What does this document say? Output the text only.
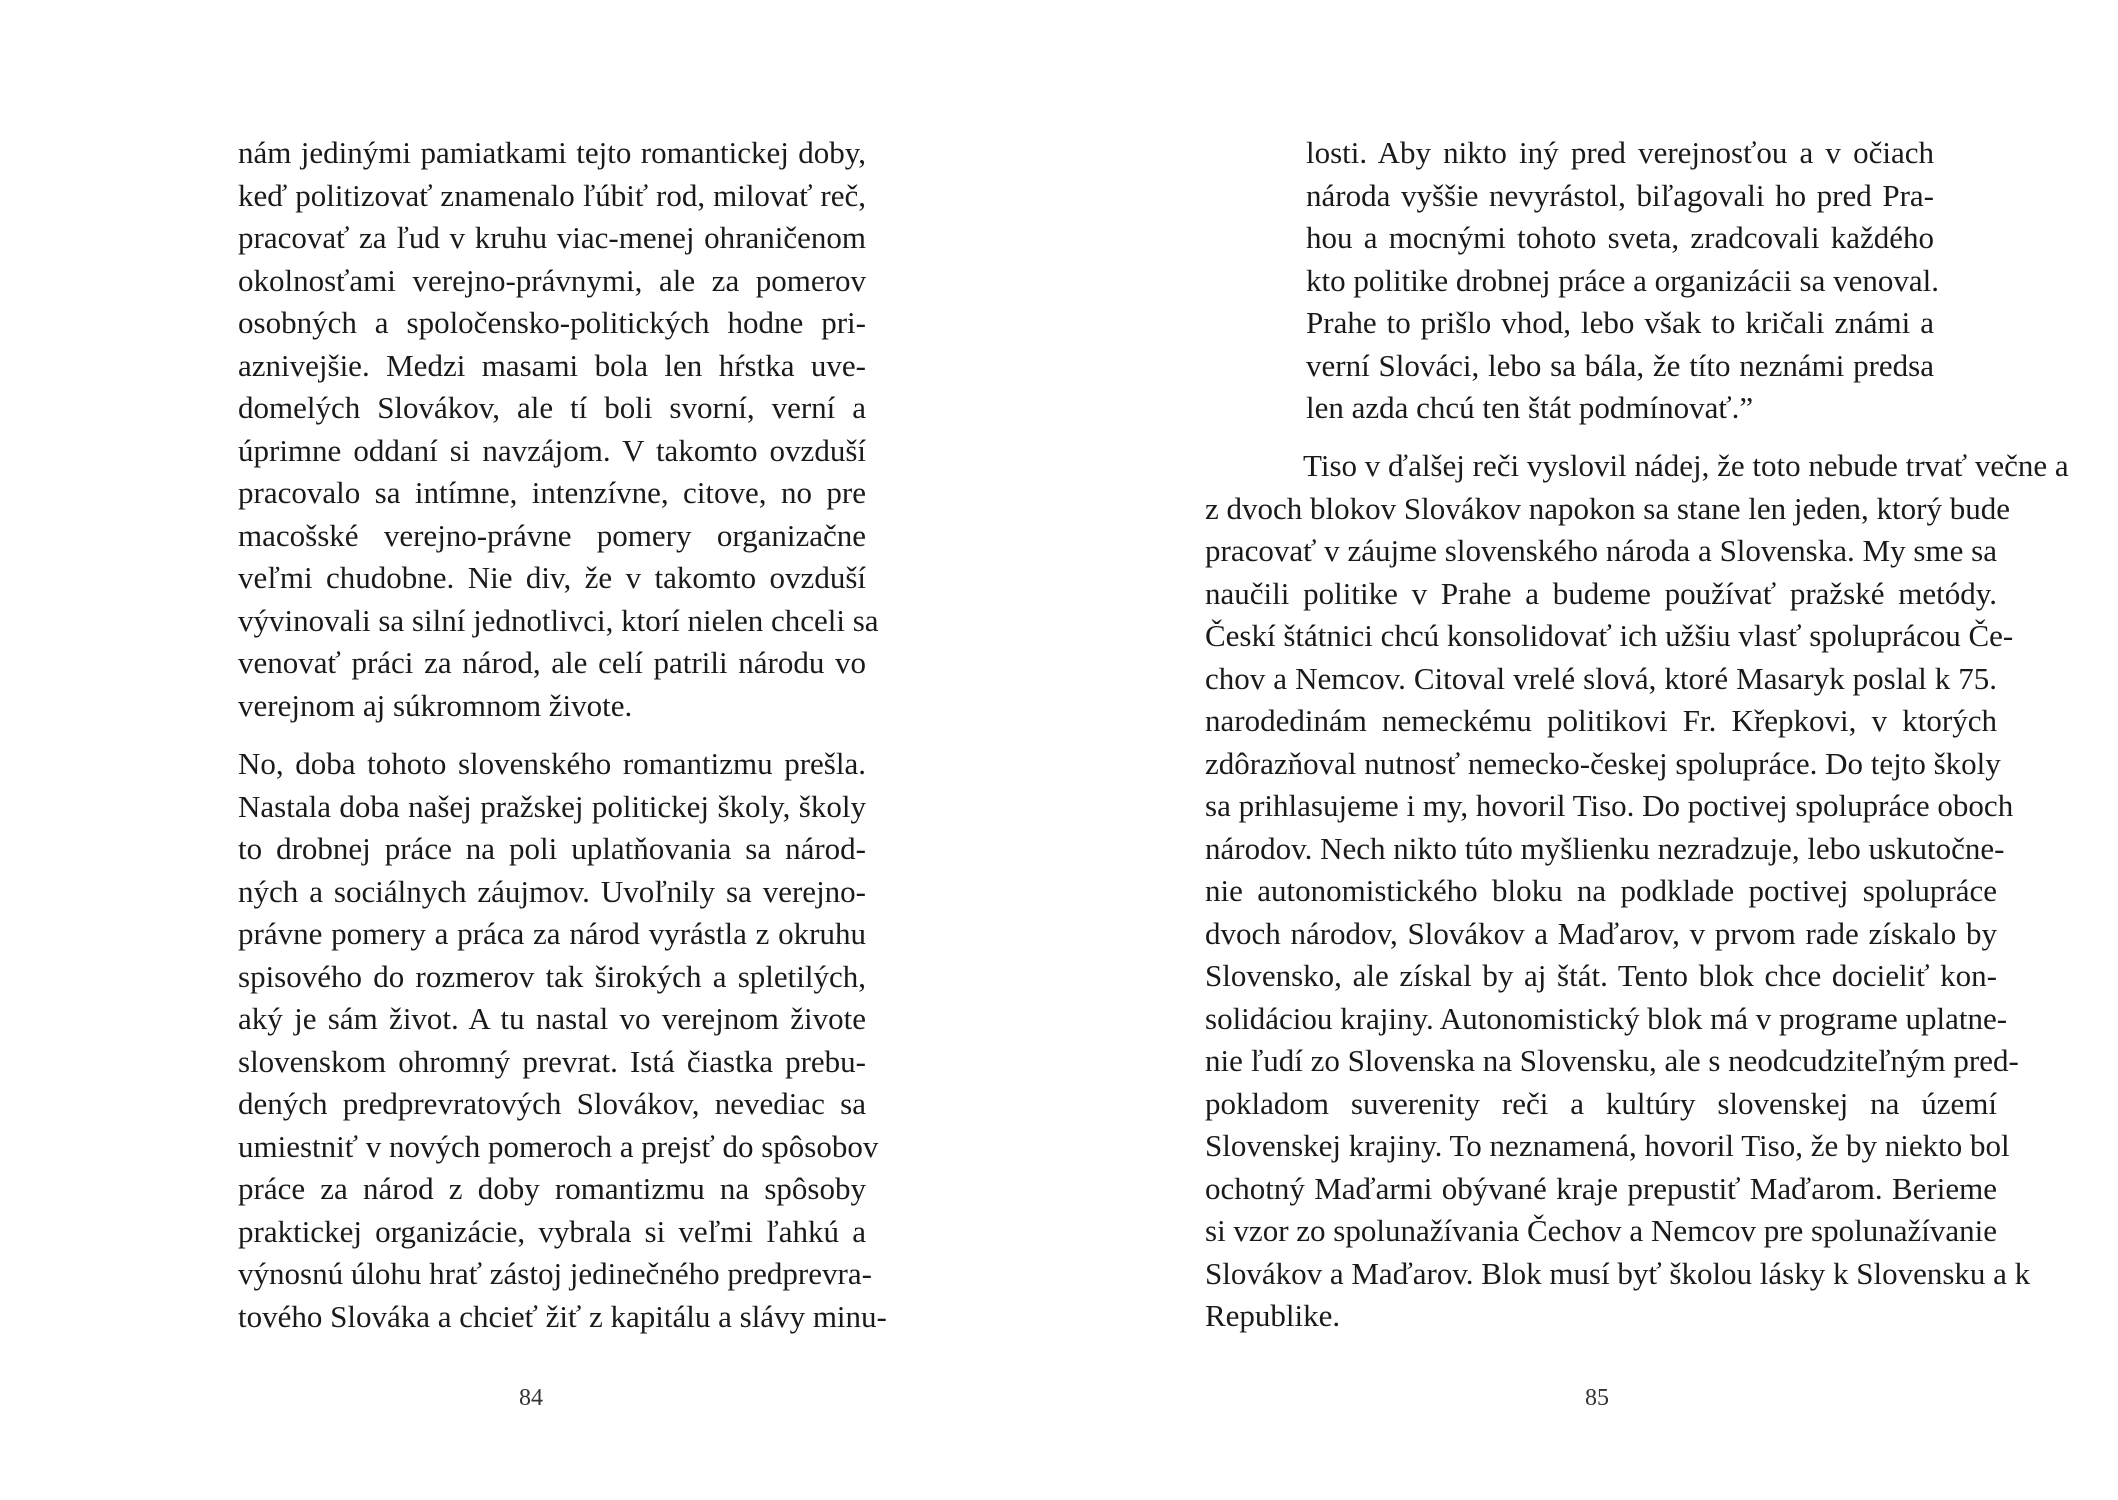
nám jedinými pamiatkami tejto romantickej doby,
keď politizovať znamenalo ľúbiť rod, milovať reč,
pracovať za ľud v kruhu viac-menej ohraničenom
okolnosťami verejno-právnymi, ale za pomerov
osobných a spoločensko-politických hodne pri-
aznivejšie. Medzi masami bola len hŕstka uve-
domelých Slovákov, ale tí boli svorní, verní a
úprimne oddaní si navzájom. V takomto ovzduší
pracovalo sa intímne, intenzívne, citove, no pre
macošské verejno-právne pomery organizačne
veľmi chudobne. Nie div, že v takomto ovzduší
vývinovali sa silní jednotlivci, ktorí nielen chceli sa
venovať práci za národ, ale celí patrili národu vo
verejnom aj súkromnom živote.
No, doba tohoto slovenského romantizmu prešla.
Nastala doba našej pražskej politickej školy, školy
to drobnej práce na poli uplatňovania sa národ-
ných a sociálnych záujmov. Uvoľnily sa verejno-
právne pomery a práca za národ vyrástla z okruhu
spisového do rozmerov tak širokých a spletilých,
aký je sám život. A tu nastal vo verejnom živote
slovenskom ohromný prevrat. Istá čiastka prebu-
dených predprevratových Slovákov, nevediac sa
umiestniť v nových pomeroch a prejsť do spôsobov
práce za národ z doby romantizmu na spôsoby
praktickej organizácie, vybrala si veľmi ľahkú a
výnosnú úlohu hrať zástoj jedinečného predprevra-
tového Slováka a chcieť žiť z kapitálu a slávy minu-
84
losti. Aby nikto iný pred verejnosťou a v očiach
národa vyššie nevyrástol, biľagovali ho pred Pra-
hou a mocnými tohoto sveta, zradcovali každého
kto politike drobnej práce a organizácii sa venoval.
Prahe to prišlo vhod, lebo však to kričali známi a
verní Slováci, lebo sa bála, že títo neznámi predsa
len azda chcú ten štát podmínovať.”
Tiso v ďalšej reči vyslovil nádej, že toto nebude trvať večne a
z dvoch blokov Slovákov napokon sa stane len jeden, ktorý bude
pracovať v záujme slovenského národa a Slovenska. My sme sa
naučili politike v Prahe a budeme používať pražské metódy.
Českí štátnici chcú konsolidovať ich užšiu vlasť spoluprácou Če-
chov a Nemcov. Citoval vrelé slová, ktoré Masaryk poslal k 75.
narodedinám nemeckému politikovi Fr. Křepkovi, v ktorých
zdôrazňoval nutnosť nemecko-českej spolupráce. Do tejto školy
sa prihlasujeme i my, hovoril Tiso. Do poctivej spolupráce oboch
národov. Nech nikto túto myšlienku nezradzuje, lebo uskutočne-
nie autonomistického bloku na podklade poctivej spolupráce
dvoch národov, Slovákov a Maďarov, v prvom rade získalo by
Slovensko, ale získal by aj štát. Tento blok chce docieliť kon-
solidáciou krajiny. Autonomistický blok má v programe uplatne-
nie ľudí zo Slovenska na Slovensku, ale s neodcudziteľným pred-
pokladom suverenity reči a kultúry slovenskej na území
Slovenskej krajiny. To neznamená, hovoril Tiso, že by niekto bol
ochotný Maďarmi obývané kraje prepustiť Maďarom. Berieme
si vzor zo spolunažívania Čechov a Nemcov pre spolunažívanie
Slovákov a Maďarov. Blok musí byť školou lásky k Slovensku a k
Republike.
85
